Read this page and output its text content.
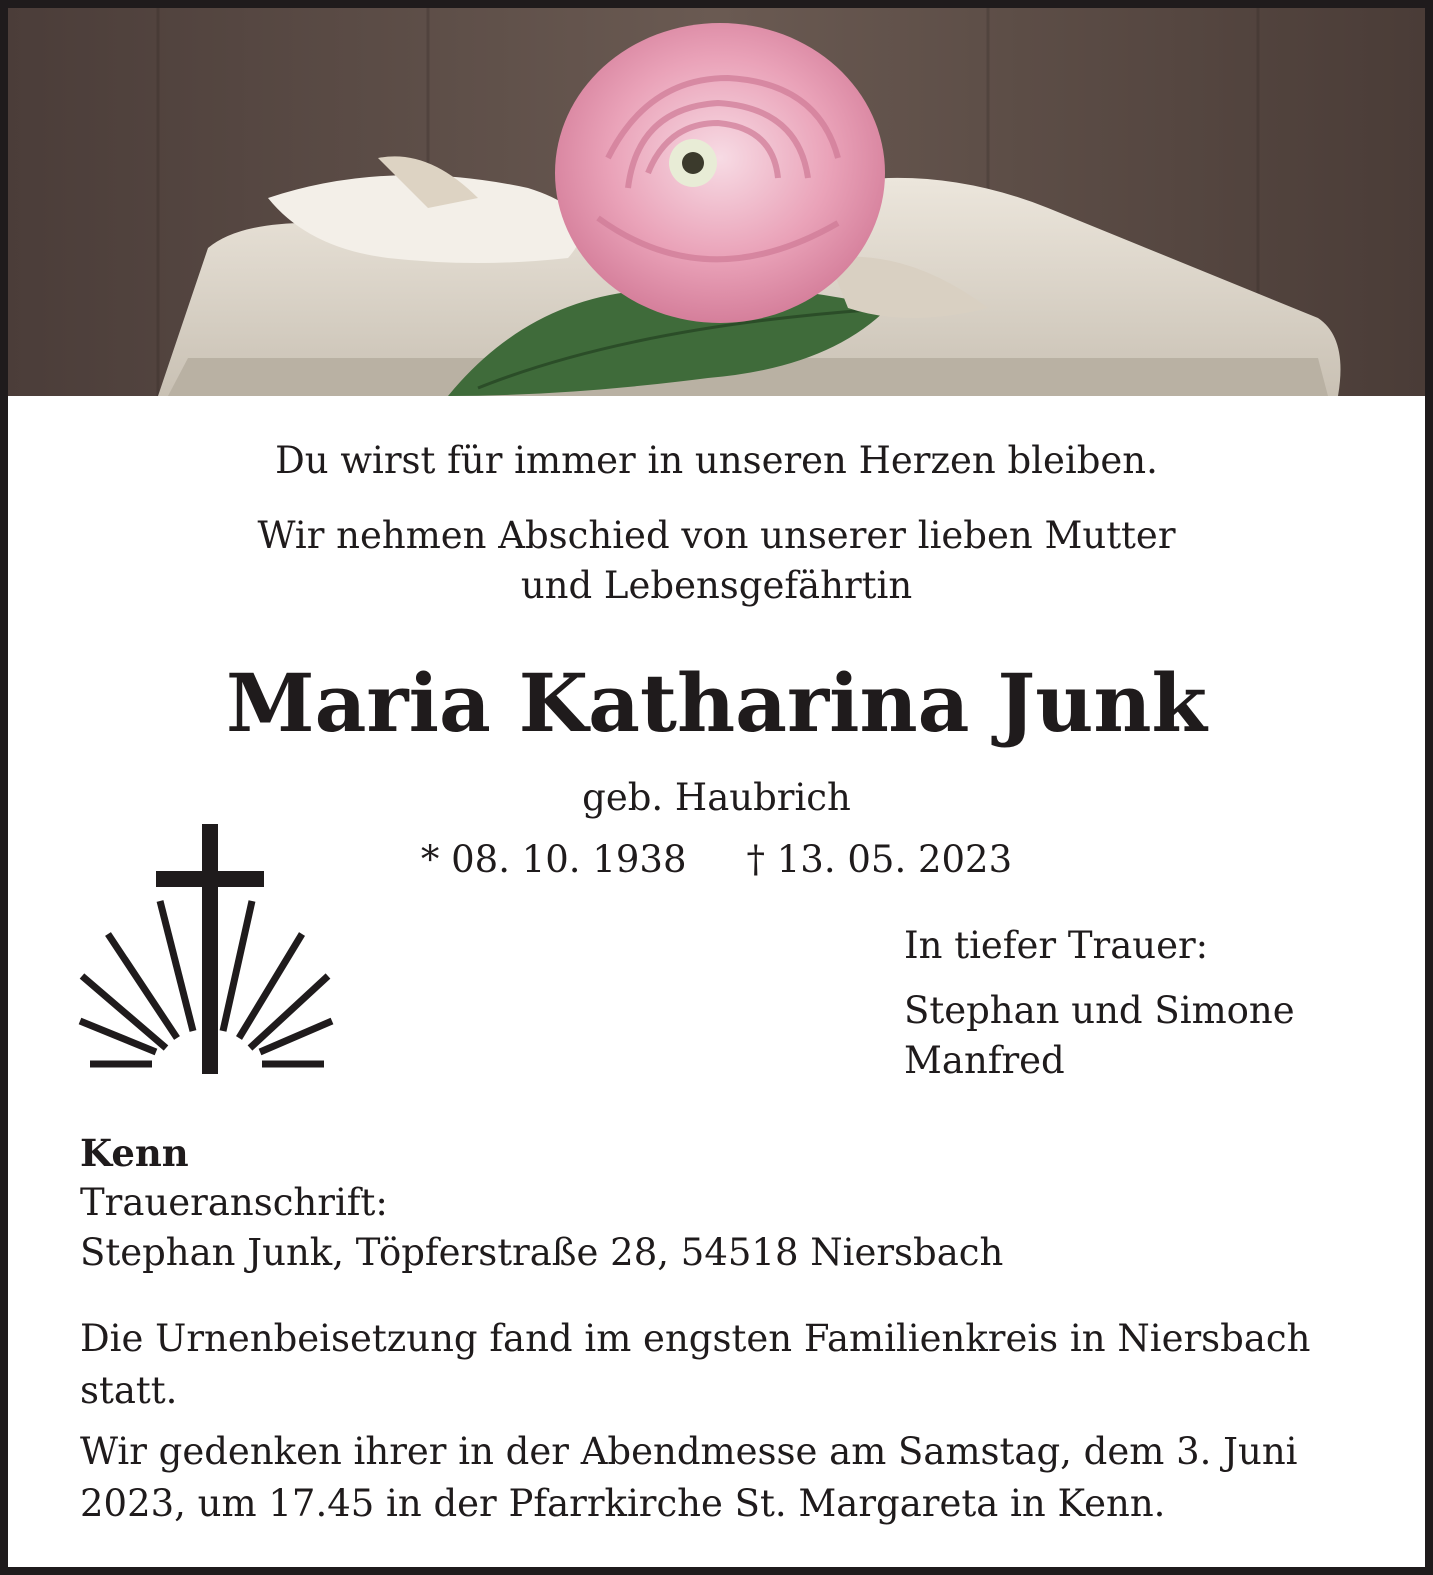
Du wirst für immer in unseren Herzen bleiben.
Wir nehmen Abschied von unserer lieben Mutter
und Lebensgefährtin
Maria Katharina Junk
geb. Haubrich
* 08. 10. 1938 † 13. 05. 2023
In tiefer Trauer:
Stephan und Simone
Manfred
Kenn
Traueranschrift:
Stephan Junk, Töpferstraße 28, 54518 Niersbach
Die Urnenbeisetzung fand im engsten Familienkreis in Niersbach statt.
Wir gedenken ihrer in der Abendmesse am Samstag, dem 3. Juni 2023, um 17.45 in der Pfarrkirche St. Margareta in Kenn.
